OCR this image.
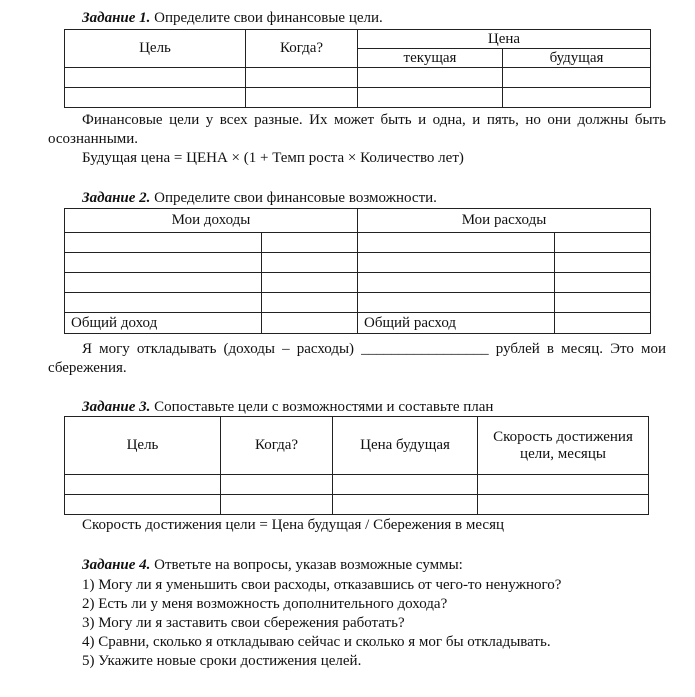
Задание 1. Определите свои финансовые цели.
Цель	Когда?	Цена	
		текущая	будущая

Финансовые цели у всех разные. Их может быть и одна, и пять, но они должны быть осознанными.
Будущая цена = ЦЕНА × (1 + Темп роста × Количество лет)
Задание 2. Определите свои финансовые возможности.
Мои доходы		Мои расходы	

Общий доход		Общий расход	
Я могу откладывать (доходы – расходы) _________________ рублей в месяц. Это мои сбережения.
Задание 3. Сопоставьте цели с возможностями и составьте план
Цель	Когда?	Цена будущая	Скорость достижения цели, месяцы

Скорость достижения цели = Цена будущая / Сбережения в месяц
Задание 4. Ответьте на вопросы, указав возможные суммы:
1) Могу ли я уменьшить свои расходы, отказавшись от чего-то ненужного?
2) Есть ли у меня возможность дополнительного дохода?
3) Могу ли я заставить свои сбережения работать?
4) Сравни, сколько я откладываю сейчас и сколько я мог бы откладывать.
5) Укажите новые сроки достижения целей.
